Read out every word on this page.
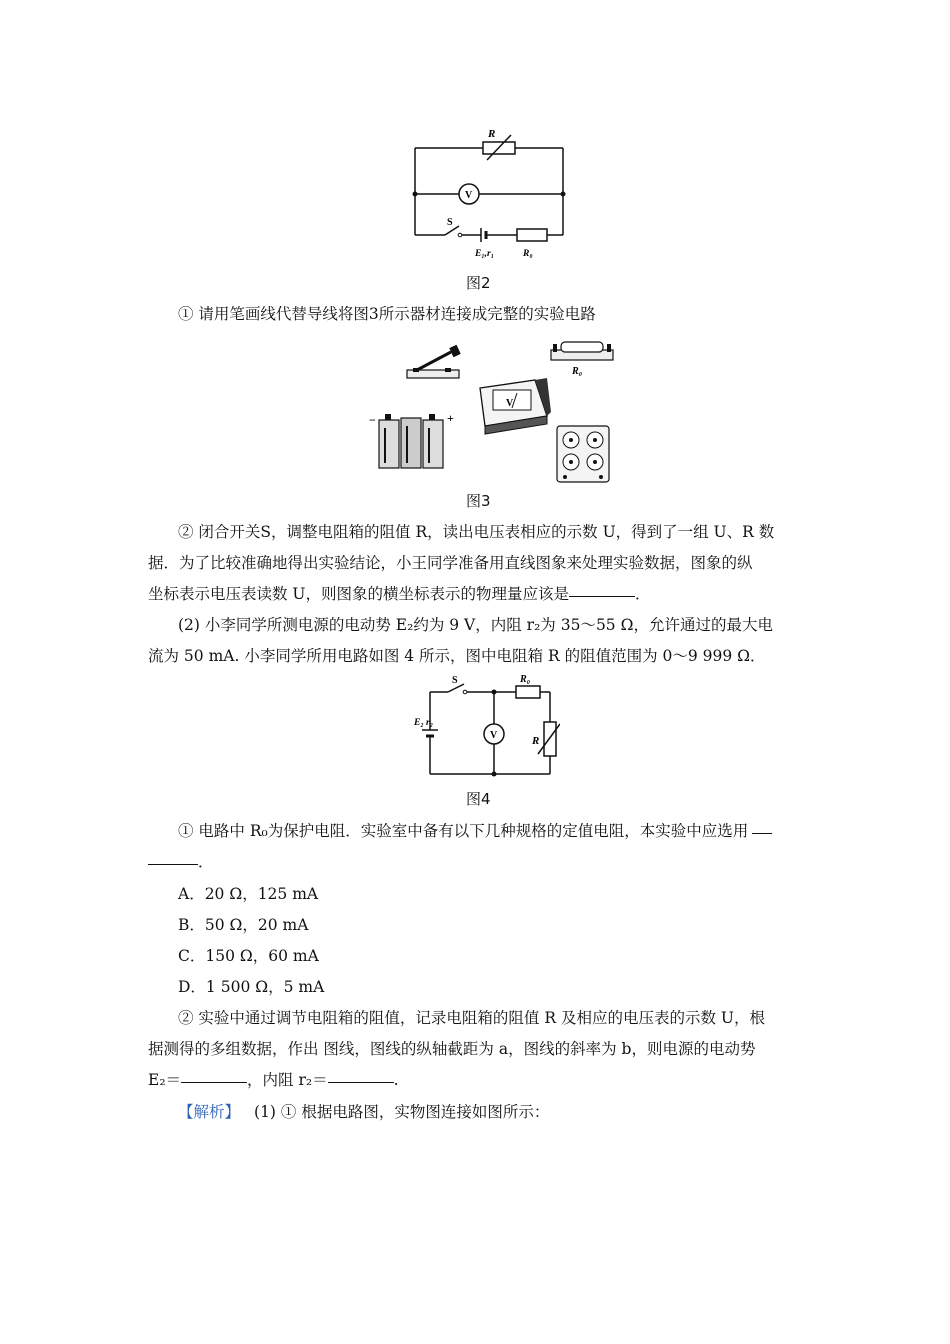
R
V
S
E₁,r₁	R₀
图2
① 请用笔画线代替导线将图3所示器材连接成完整的实验电路
R₀
V
−	+
图3
② 闭合开关S，调整电阻箱的阻值 R，读出电压表相应的示数 U，得到了一组 U、R 数
据．为了比较准确地得出实验结论，小王同学准备用直线图象来处理实验数据，图象的纵
坐标表示电压表读数 U，则图象的横坐标表示的物理量应该是	．
(2) 小李同学所测电源的电动势 E₂约为 9 V，内阻 r₂为 35～55 Ω，允许通过的最大电
流为 50 mA. 小李同学所用电路如图 4 所示，图中电阻箱 R 的阻值范围为 0～9 999 Ω．
S	R₀
E₂ r₂
V	R
图4
① 电路中 R₀为保护电阻．实验室中备有以下几种规格的定值电阻，本实验中应选用
．
A．20 Ω，125 mA
B．50 Ω，20 mA
C．150 Ω，60 mA
D．1 500 Ω，5 mA
② 实验中通过调节电阻箱的阻值，记录电阻箱的阻值 R 及相应的电压表的示数 U，根
据测得的多组数据，作出 图线，图线的纵轴截距为 a，图线的斜率为 b，则电源的电动势
E₂＝	，内阻 r₂＝	.
【解析】 (1) ① 根据电路图，实物图连接如图所示：
